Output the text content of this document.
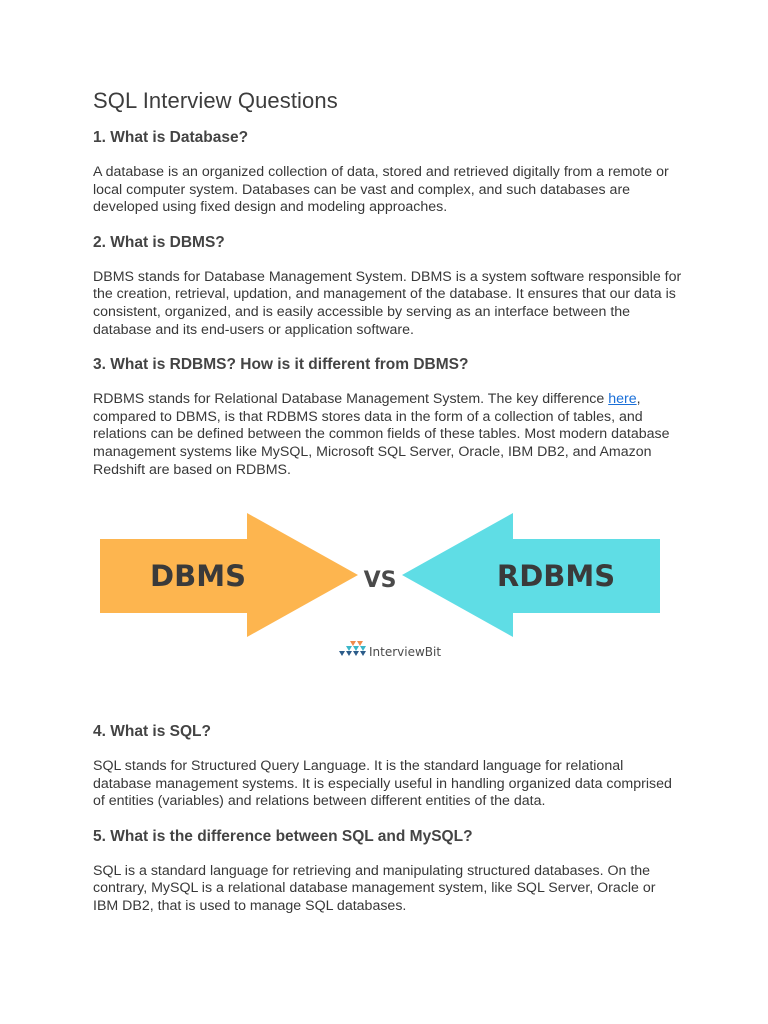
SQL Interview Questions
1. What is Database?

A database is an organized collection of data, stored and retrieved digitally from a remote or local computer system. Databases can be vast and complex, and such databases are developed using fixed design and modeling approaches.

2. What is DBMS?

DBMS stands for Database Management System. DBMS is a system software responsible for the creation, retrieval, updation, and management of the database. It ensures that our data is consistent, organized, and is easily accessible by serving as an interface between the database and its end-users or application software.

3. What is RDBMS? How is it different from DBMS?

RDBMS stands for Relational Database Management System. The key difference here, compared to DBMS, is that RDBMS stores data in the form of a collection of tables, and relations can be defined between the common fields of these tables. Most modern database management systems like MySQL, Microsoft SQL Server, Oracle, IBM DB2, and Amazon Redshift are based on RDBMS.

DBMS	VS	RDBMS
InterviewBit
4. What is SQL?

SQL stands for Structured Query Language. It is the standard language for relational database management systems. It is especially useful in handling organized data comprised of entities (variables) and relations between different entities of the data.

5. What is the difference between SQL and MySQL?

SQL is a standard language for retrieving and manipulating structured databases. On the contrary, MySQL is a relational database management system, like SQL Server, Oracle or IBM DB2, that is used to manage SQL databases.
